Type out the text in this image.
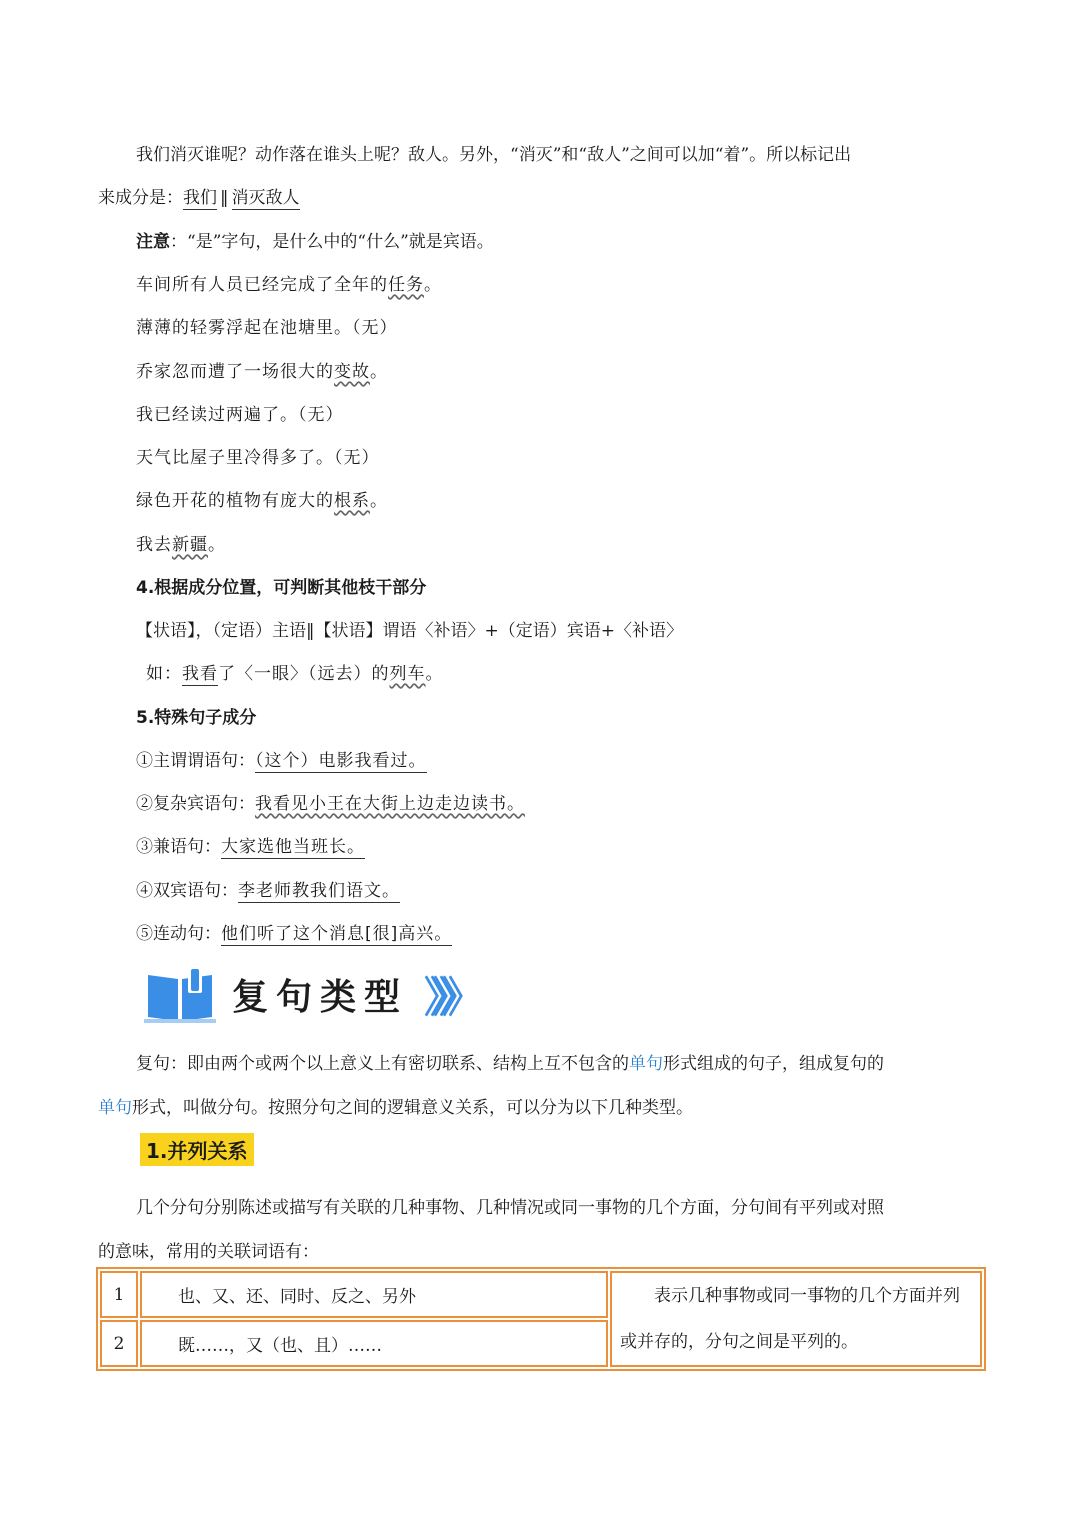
我们消灭谁呢？动作落在谁头上呢？敌人。另外，“消灭”和“敌人”之间可以加“着”。所以标记出
来成分是：我们 ‖ 消灭敌人
注意：“是”字句，是什么中的“什么”就是宾语。
车间所有人员已经完成了全年的任务。
薄薄的轻雾浮起在池塘里。（无）
乔家忽而遭了一场很大的变故。
我已经读过两遍了。（无）
天气比屋子里冷得多了。（无）
绿色开花的植物有庞大的根系。
我去新疆。
4.根据成分位置，可判断其他枝干部分
【状语】，（定语）主语‖【状语】谓语〈补语〉+（定语）宾语+〈补语〉
如：我看了〈一眼〉（远去）的列车。
5.特殊句子成分
①主谓谓语句：（这个）电影我看过。
②复杂宾语句：我看见小王在大街上边走边读书。
③兼语句：大家选他当班长。
④双宾语句：李老师教我们语文。
⑤连动句：他们听了这个消息[很]高兴。
复句类型 》》》
复句：即由两个或两个以上意义上有密切联系、结构上互不包含的单句形式组成的句子，组成复句的
单句形式，叫做分句。按照分句之间的逻辑意义关系，可以分为以下几种类型。
1.并列关系
几个分句分别陈述或描写有关联的几种事物、几种情况或同一事物的几个方面，分句间有平列或对照
的意味，常用的关联词语有：
1	也、又、还、同时、反之、另外	表示几种事物或同一事物的几个方面并列
或并存的，分句之间是平列的。

2	既……，又（也、且）……	
